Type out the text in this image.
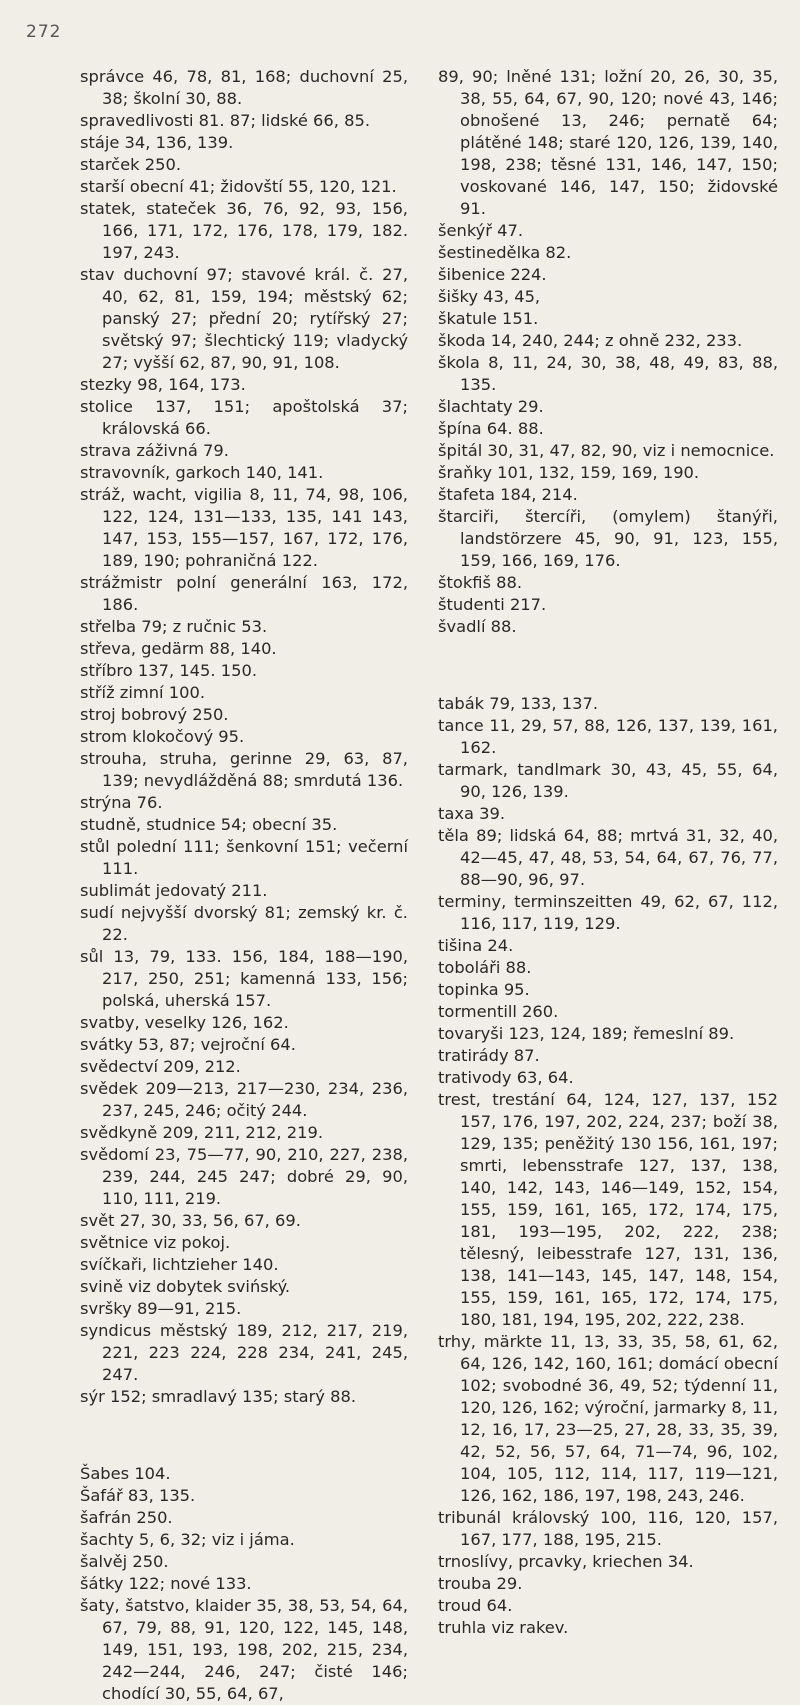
272

správce 46, 78, 81, 168; duchovní 25, 38; školní 30, 88.

spravedlivosti 81. 87; lidské 66, 85.

stáje 34, 136, 139.

starček 250.

starší obecní 41; židovští 55, 120, 121.

statek, stateček 36, 76, 92, 93, 156, 166, 171, 172, 176, 178, 179, 182. 197, 243.

stav duchovní 97; stavové král. č. 27, 40, 62, 81, 159, 194; městský 62; panský 27; přední 20; rytířský 27; světský 97; šlechtický 119; vladycký 27; vyšší 62, 87, 90, 91, 108.

stezky 98, 164, 173.

stolice 137, 151; apoštolská 37; královská 66.

strava záživná 79.

stravovník, garkoch 140, 141.

stráž, wacht, vigilia 8, 11, 74, 98, 106, 122, 124, 131—133, 135, 141 143, 147, 153, 155—157, 167, 172, 176, 189, 190; pohraničná 122.

strážmistr polní generální 163, 172, 186.

střelba 79; z ručnic 53.

střeva, gedärm 88, 140.

stříbro 137, 145. 150.

stříž zimní 100.

stroj bobrový 250.

strom klokočový 95.

strouha, struha, gerinne 29, 63, 87, 139; nevydlážděná 88; smrdutá 136.

strýna 76.

studně, studnice 54; obecní 35.

stůl polední 111; šenkovní 151; večerní 111.

sublimát jedovatý 211.

sudí nejvyšší dvorský 81; zemský kr. č. 22.

sůl 13, 79, 133. 156, 184, 188—190, 217, 250, 251; kamenná 133, 156; polská, uherská 157.

svatby, veselky 126, 162.

svátky 53, 87; vejroční 64.

svědectví 209, 212.

svědek 209—213, 217—230, 234, 236, 237, 245, 246; očitý 244.

svědkyně 209, 211, 212, 219.

svědomí 23, 75—77, 90, 210, 227, 238, 239, 244, 245 247; dobré 29, 90, 110, 111, 219.

svět 27, 30, 33, 56, 67, 69.

světnice viz pokoj.

svíčkaři, lichtzieher 140.

svině viz dobytek svińský.

svršky 89—91, 215.

syndicus městský 189, 212, 217, 219, 221, 223 224, 228 234, 241, 245, 247.

sýr 152; smradlavý 135; starý 88.

Šabes 104.

Šafář 83, 135.

šafrán 250.

šachty 5, 6, 32; viz i jáma.

šalvěj 250.

šátky 122; nové 133.

šaty, šatstvo, klaider 35, 38, 53, 54, 64, 67, 79, 88, 91, 120, 122, 145, 148, 149, 151, 193, 198, 202, 215, 234, 242—244, 246, 247; čisté 146; chodící 30, 55, 64, 67,

89, 90; lněné 131; ložní 20, 26, 30, 35, 38, 55, 64, 67, 90, 120; nové 43, 146; obnošené 13, 246; pernatě 64; plátěné 148; staré 120, 126, 139, 140, 198, 238; těsné 131, 146, 147, 150; voskované 146, 147, 150; židovské 91.

šenkýř 47.

šestinedělka 82.

šibenice 224.

šišky 43, 45,

škatule 151.

škoda 14, 240, 244; z ohně 232, 233.

škola 8, 11, 24, 30, 38, 48, 49, 83, 88, 135.

šlachtaty 29.

špína 64. 88.

špitál 30, 31, 47, 82, 90, viz i nemocnice.

šraňky 101, 132, 159, 169, 190.

štafeta 184, 214.

štarciři, štercíři, (omylem) štanýři, landstörzere 45, 90, 91, 123, 155, 159, 166, 169, 176.

štokfiš 88.

študenti 217.

švadlí 88.

tabák 79, 133, 137.

tance 11, 29, 57, 88, 126, 137, 139, 161, 162.

tarmark, tandlmark 30, 43, 45, 55, 64, 90, 126, 139.

taxa 39.

těla 89; lidská 64, 88; mrtvá 31, 32, 40, 42—45, 47, 48, 53, 54, 64, 67, 76, 77, 88—90, 96, 97.

terminy, terminszeitten 49, 62, 67, 112, 116, 117, 119, 129.

tišina 24.

toboláři 88.

topinka 95.

tormentill 260.

tovaryši 123, 124, 189; řemeslní 89.

tratirády 87.

trativody 63, 64.

trest, trestání 64, 124, 127, 137, 152 157, 176, 197, 202, 224, 237; boží 38, 129, 135; peněžitý 130 156, 161, 197; smrti, lebensstrafe 127, 137, 138, 140, 142, 143, 146—149, 152, 154, 155, 159, 161, 165, 172, 174, 175, 181, 193—195, 202, 222, 238; tělesný, leibesstrafe 127, 131, 136, 138, 141—143, 145, 147, 148, 154, 155, 159, 161, 165, 172, 174, 175, 180, 181, 194, 195, 202, 222, 238.

trhy, märkte 11, 13, 33, 35, 58, 61, 62, 64, 126, 142, 160, 161; domácí obecní 102; svobodné 36, 49, 52; týdenní 11, 120, 126, 162; výroční, jarmarky 8, 11, 12, 16, 17, 23—25, 27, 28, 33, 35, 39, 42, 52, 56, 57, 64, 71—74, 96, 102, 104, 105, 112, 114, 117, 119—121, 126, 162, 186, 197, 198, 243, 246.

tribunál královský 100, 116, 120, 157, 167, 177, 188, 195, 215.

trnoslívy, prcavky, kriechen 34.

trouba 29.

troud 64.

truhla viz rakev.
